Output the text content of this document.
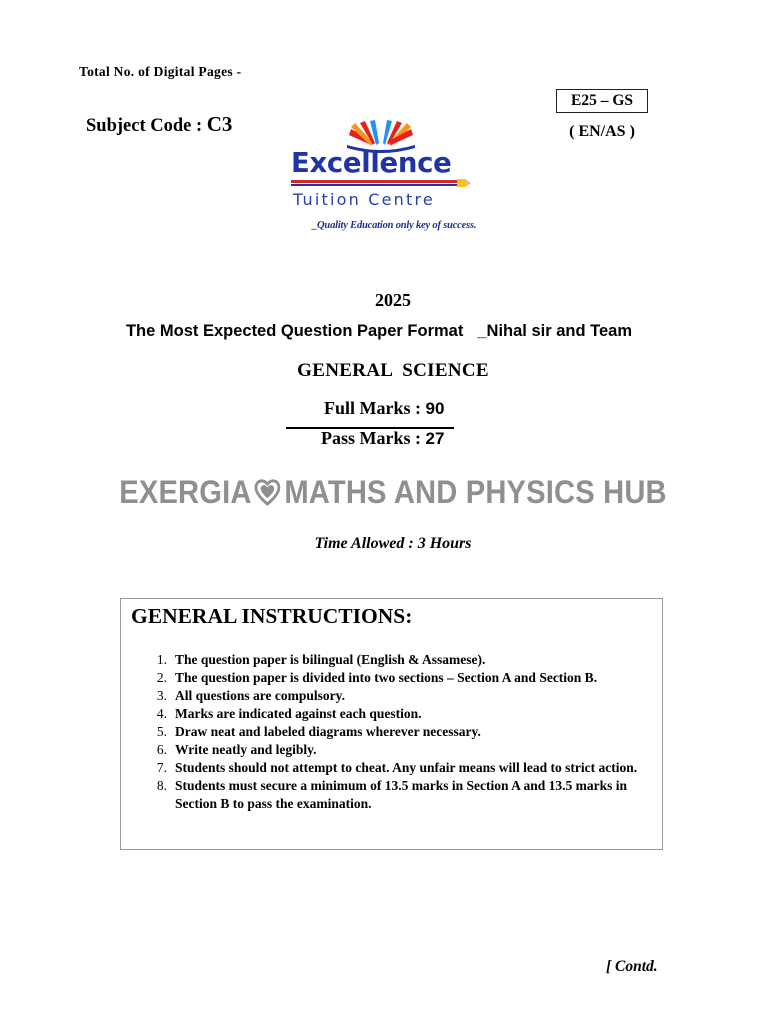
Total No. of Digital Pages -
Subject Code : C3
E25 – GS
( EN/AS )
Excellence
Tuition Centre
_Quality Education only key of success.
2025
The Most Expected Question Paper Format _Nihal sir and Team
GENERAL  SCIENCE
Full Marks : 90
Pass Marks : 27
EXERGIA MATHS AND PHYSICS HUB
Time Allowed : 3 Hours
GENERAL INSTRUCTIONS:
1. The question paper is bilingual (English & Assamese).
2. The question paper is divided into two sections – Section A and Section B.
3. All questions are compulsory.
4. Marks are indicated against each question.
5. Draw neat and labeled diagrams wherever necessary.
6. Write neatly and legibly.
7. Students should not attempt to cheat. Any unfair means will lead to strict action.
8. Students must secure a minimum of 13.5 marks in Section A and 13.5 marks in Section B to pass the examination.
[ Contd.
